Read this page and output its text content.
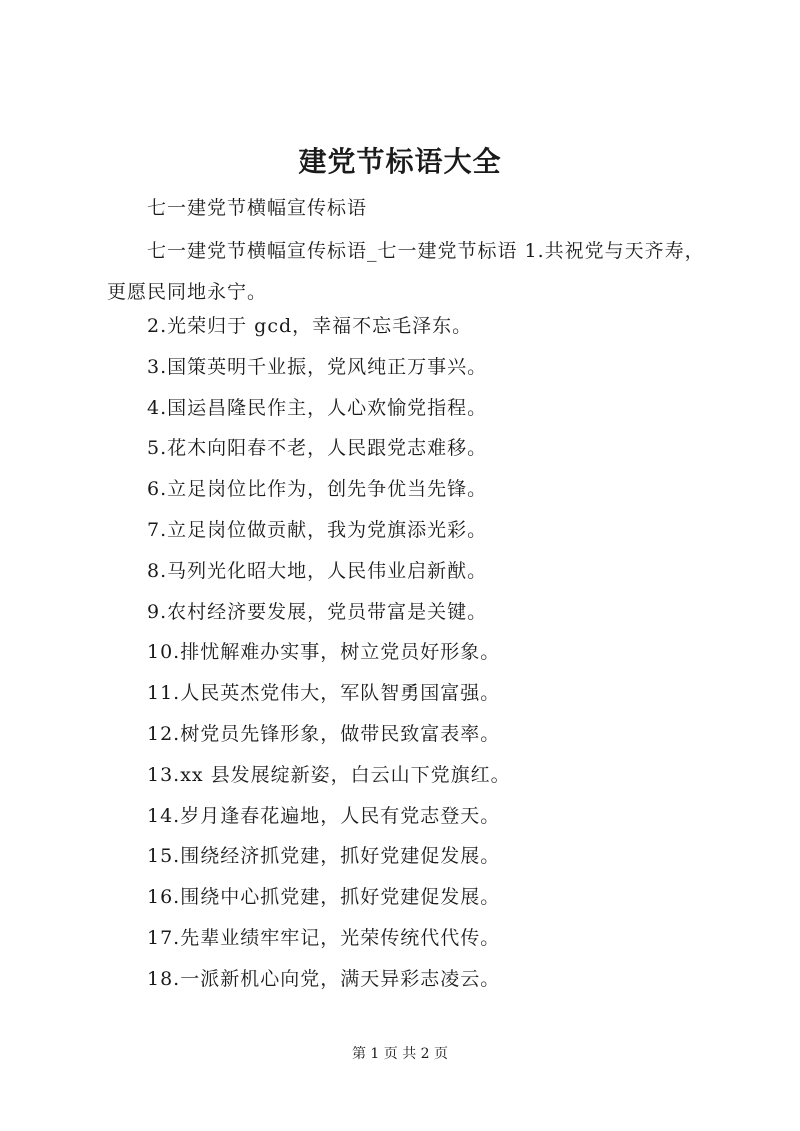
建党节标语大全
七一建党节横幅宣传标语
七一建党节横幅宣传标语_七一建党节标语 1.共祝党与天齐寿，更愿民同地永宁。
2.光荣归于 gcd，幸福不忘毛泽东。
3.国策英明千业振，党风纯正万事兴。
4.国运昌隆民作主，人心欢愉党指程。
5.花木向阳春不老，人民跟党志难移。
6.立足岗位比作为，创先争优当先锋。
7.立足岗位做贡献，我为党旗添光彩。
8.马列光化昭大地，人民伟业启新猷。
9.农村经济要发展，党员带富是关键。
10.排忧解难办实事，树立党员好形象。
11.人民英杰党伟大，军队智勇国富强。
12.树党员先锋形象，做带民致富表率。
13.xx 县发展绽新姿，白云山下党旗红。
14.岁月逢春花遍地，人民有党志登天。
15.围绕经济抓党建，抓好党建促发展。
16.围绕中心抓党建，抓好党建促发展。
17.先辈业绩牢牢记，光荣传统代代传。
18.一派新机心向党，满天异彩志凌云。
第 1 页 共 2 页
